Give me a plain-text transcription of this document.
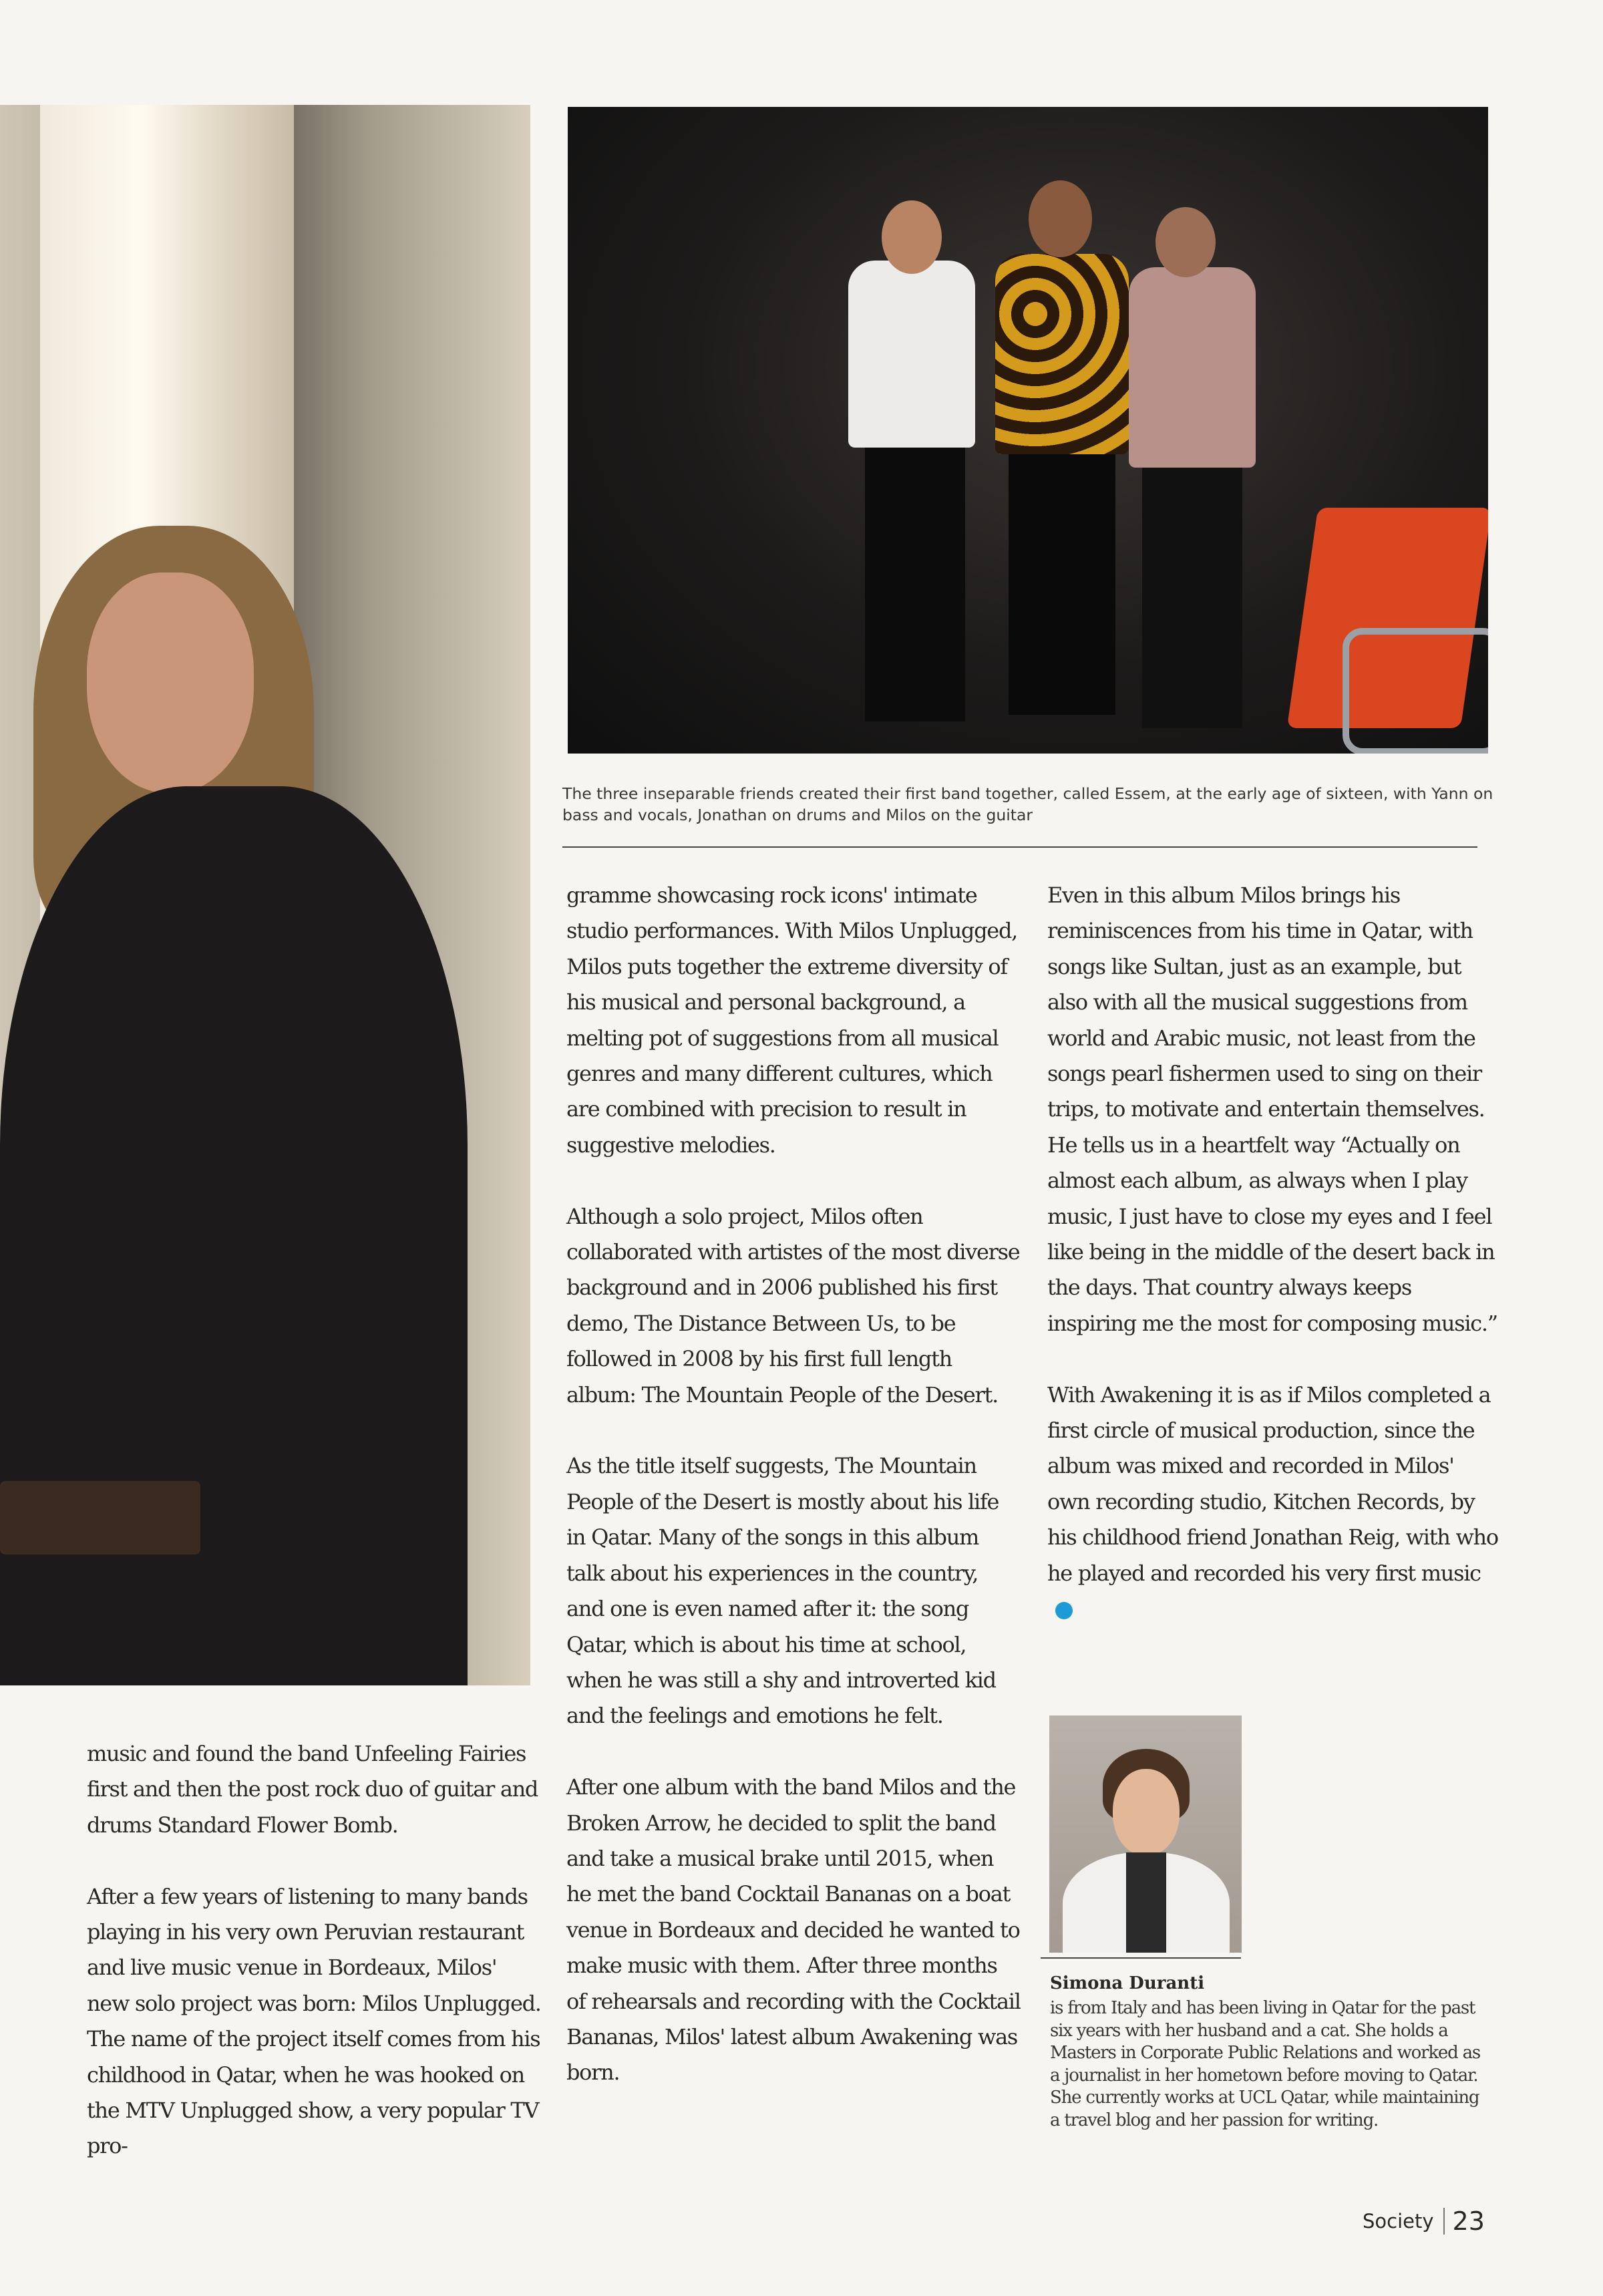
The three inseparable friends created their first band together, called Essem, at the early age of sixteen, with Yann on bass and vocals, Jonathan on drums and Milos on the guitar

music and found the band Unfeeling Fairies first and then the post rock duo of guitar and drums Standard Flower Bomb.

After a few years of listening to many bands playing in his very own Peruvian restaurant and live music venue in Bordeaux, Milos' new solo project was born: Milos Unplugged. The name of the project itself comes from his childhood in Qatar, when he was hooked on the MTV Unplugged show, a very popular TV pro-

gramme showcasing rock icons' intimate studio performances. With Milos Unplugged, Milos puts together the extreme diversity of his musical and personal background, a melting pot of suggestions from all musical genres and many different cultures, which are combined with precision to result in suggestive melodies.

Although a solo project, Milos often collaborated with artistes of the most diverse background and in 2006 published his first demo, The Distance Between Us, to be followed in 2008 by his first full length album: The Mountain People of the Desert.

As the title itself suggests, The Mountain People of the Desert is mostly about his life in Qatar. Many of the songs in this album talk about his experiences in the country, and one is even named after it: the song Qatar, which is about his time at school, when he was still a shy and introverted kid and the feelings and emotions he felt.

After one album with the band Milos and the Broken Arrow, he decided to split the band and take a musical brake until 2015, when he met the band Cocktail Bananas on a boat venue in Bordeaux and decided he wanted to make music with them. After three months of rehearsals and recording with the Cocktail Bananas, Milos' latest album Awakening was born.

Even in this album Milos brings his reminiscences from his time in Qatar, with songs like Sultan, just as an example, but also with all the musical suggestions from world and Arabic music, not least from the songs pearl fishermen used to sing on their trips, to motivate and entertain themselves. He tells us in a heartfelt way “Actually on almost each album, as always when I play music, I just have to close my eyes and I feel like being in the middle of the desert back in the days. That country always keeps inspiring me the most for composing music.”

With Awakening it is as if Milos completed a first circle of musical production, since the album was mixed and recorded in Milos' own recording studio, Kitchen Records, by his childhood friend Jonathan Reig, with who he played and recorded his very first music

Simona Duranti

is from Italy and has been living in Qatar for the past six years with her husband and a cat. She holds a Masters in Corporate Public Relations and worked as a journalist in her hometown before moving to Qatar. She currently works at UCL Qatar, while maintaining a travel blog and her passion for writing.

Society 23
